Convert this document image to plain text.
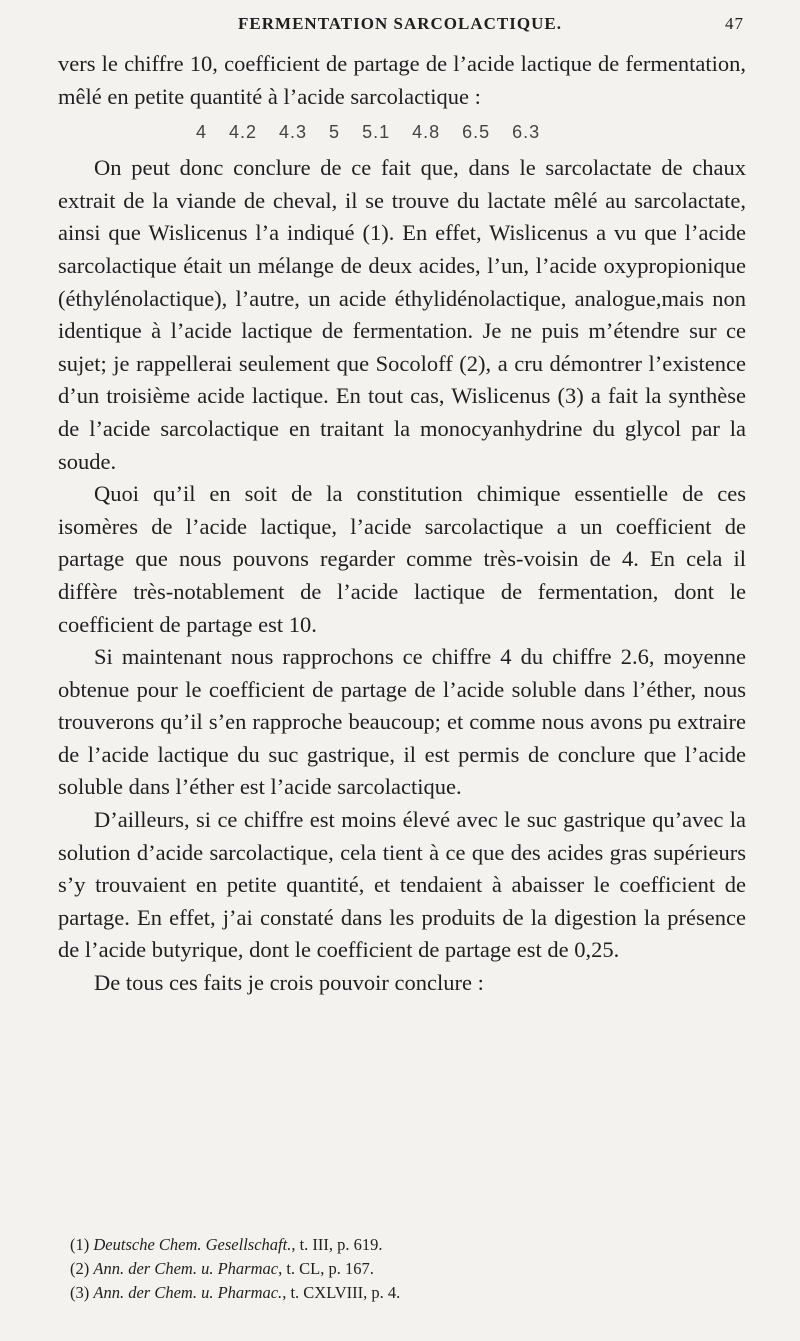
FERMENTATION SARCOLACTIQUE.	47

vers le chiffre 10, coefficient de partage de l’acide lactique de fermentation, mêlé en petite quantité à l’acide sarcolactique :

4 4.2 4.3 5 5.1 4.8 6.5 6.3

On peut donc conclure de ce fait que, dans le sarcolactate de chaux extrait de la viande de cheval, il se trouve du lactate mêlé au sarcolactate, ainsi que Wislicenus l’a indiqué (1). En effet, Wislicenus a vu que l’acide sarcolactique était un mélange de deux acides, l’un, l’acide oxypropionique (éthylénolactique), l’autre, un acide éthylidénolactique, analogue,mais non identique à l’acide lactique de fermentation. Je ne puis m’étendre sur ce sujet; je rappellerai seulement que Socoloff (2), a cru démontrer l’existence d’un troisième acide lactique. En tout cas, Wislicenus (3) a fait la synthèse de l’acide sarcolactique en traitant la monocyanhydrine du glycol par la soude.

Quoi qu’il en soit de la constitution chimique essentielle de ces isomères de l’acide lactique, l’acide sarcolactique a un coefficient de partage que nous pouvons regarder comme très-voisin de 4. En cela il diffère très-notablement de l’acide lactique de fermentation, dont le coefficient de partage est 10.

Si maintenant nous rapprochons ce chiffre 4 du chiffre 2.6, moyenne obtenue pour le coefficient de partage de l’acide soluble dans l’éther, nous trouverons qu’il s’en rapproche beaucoup; et comme nous avons pu extraire de l’acide lactique du suc gastrique, il est permis de conclure que l’acide soluble dans l’éther est l’acide sarcolactique.

D’ailleurs, si ce chiffre est moins élevé avec le suc gastrique qu’avec la solution d’acide sarcolactique, cela tient à ce que des acides gras supérieurs s’y trouvaient en petite quantité, et tendaient à abaisser le coefficient de partage. En effet, j’ai constaté dans les produits de la digestion la présence de l’acide butyrique, dont le coefficient de partage est de 0,25.

De tous ces faits je crois pouvoir conclure :

(1) Deutsche Chem. Gesellschaft., t. III, p. 619.
(2) Ann. der Chem. u. Pharmac, t. CL, p. 167.
(3) Ann. der Chem. u. Pharmac., t. CXLVIII, p. 4.
